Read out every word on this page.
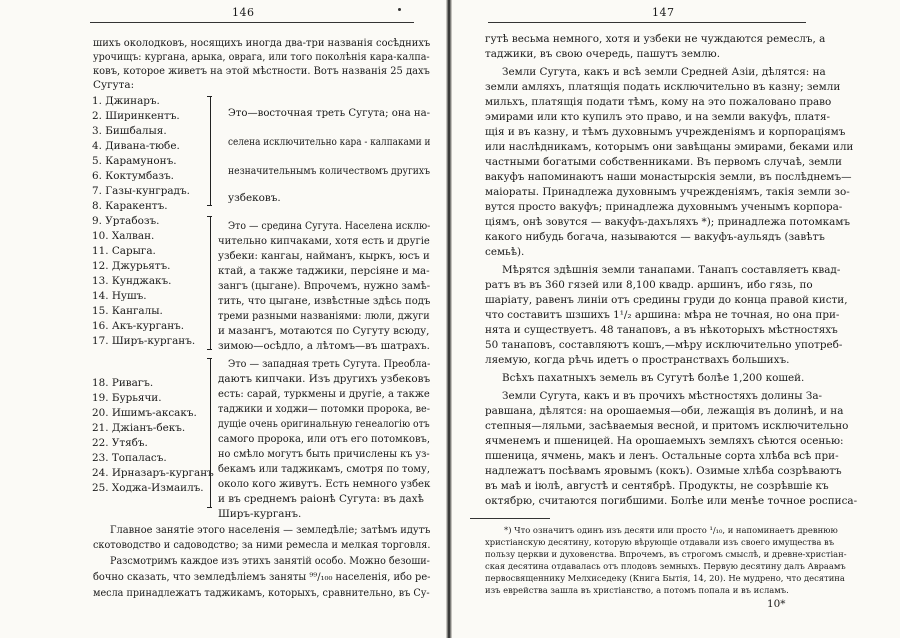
146
шихъ околодковъ, носящихъ иногда два-три названія сосѣднихъ
урочищъ: кургана, арыка, оврага, или того поколѣнія кара-калпа-
ковъ, которое живетъ на этой мѣстности. Вотъ названія 25 дахъ
Сугута:
1. Джинаръ.
2. Ширинкентъ.
3. Бишбалыя.
4. Дивана-тюбе.
5. Карамунонъ.
6. Коктумбазъ.
7. Газы-кунградъ.
8. Каракентъ.
9. Уртабозъ.
10. Халван.
11. Сарыга.
12. Джурьятъ.
13. Кунджакъ.
14. Нушъ.
15. Кангалы.
16. Акъ-курганъ.
17. Ширъ-курганъ.
18. Ривагъ.
19. Бурьячи.
20. Ишимъ-аксакъ.
21. Джіанъ-бекъ.
22. Утябъ.
23. Топаласъ.
24. Ирназаръ-курганъ
25. Ходжа-Измаилъ.
Это—восточная треть Сугута; она на-
селена исключительно кара - калпаками и
незначительнымъ количествомъ другихъ
узбековъ.
Это — средина Сугута. Населена исклю-
чительно кипчаками, хотя есть и другіе
узбеки: кангаы, найманъ, кыркъ, юсъ и
ктай, а также таджики, персіяне и ма-
зангъ (цыгане). Впрочемъ, нужно замѣ-
тить, что цыгане, извѣстные здѣсь подъ
треми разными названіями: люли, джуги
и мазангъ, мотаются по Сугуту всюду,
зимою—осѣдло, а лѣтомъ—въ шатрахъ.
Это — западная треть Сугута. Преобла-
даютъ кипчаки. Изъ другихъ узбековъ
есть: сарай, туркмены и другіе, а также
таджики и ходжи— потомки пророка, ве-
дущіе очень оригинальную генеалогію отъ
самого пророка, или отъ его потомковъ,
но смѣло могутъ быть причислены къ уз-
бекамъ или таджикамъ, смотря по тому,
около кого живутъ. Есть немного узбек
и въ среднемъ раіонѣ Сугута: въ дахѣ
Ширъ-курганъ.
Главное занятіе этого населенія — земледѣліе; затѣмъ идутъ
скотоводство и садоводство; за ними ремесла и мелкая торговля.
Разсмотримъ каждое изъ этихъ занятій особо. Можно безоши-
бочно сказать, что земледѣліемъ заняты ⁹⁹/₁₀₀ населенія, ибо ре-
месла принадлежатъ таджикамъ, которыхъ, сравнительно, въ Су-
147
гутѣ весьма немного, хотя и узбеки не чуждаются ремеслъ, а
таджики, въ свою очередь, пашутъ землю.
Земли Сугута, какъ и всѣ земли Средней Азіи, дѣлятся: на
земли амляхъ, платящія подать исключительно въ казну; земли
мильхъ, платящія подати тѣмъ, кому на это пожаловано право
эмирами или кто купилъ это право, и на земли вакуфъ, платя-
щія и въ казну, и тѣмъ духовнымъ учрежденіямъ и корпораціямъ
или наслѣдникамъ, которымъ они завѣщаны эмирами, беками или
частными богатыми собственниками. Въ первомъ случаѣ, земли
вакуфъ напоминаютъ наши монастырскія земли, въ послѣднемъ—
маіораты. Принадлежа духовнымъ учрежденіямъ, такія земли зо-
вутся просто вакуфъ; принадлежа духовнымъ ученымъ корпора-
ціямъ, онѣ зовутся — вакуфъ-дахъляхъ *); принадлежа потомкамъ
какого нибудь богача, называются — вакуфъ-аульядъ (завѣтъ
семьѣ).
Мѣрятся здѣшнія земли танапами. Танапъ составляетъ квад-
ратъ въ въ 360 гязей или 8,100 квадр. аршинъ, ибо гязь, по
шаріату, равенъ линіи отъ средины груди до конца правой кисти,
что составитъ шзшихъ 1¹/₂ аршина: мѣра не точная, но она при-
нята и существуетъ. 48 танаповъ, а въ нѣкоторыхъ мѣстностяхъ
50 танаповъ, составляютъ кошъ,—мѣру исключительно употреб-
ляемую, когда рѣчь идетъ о пространствахъ большихъ.
Всѣхъ пахатныхъ земель въ Сугутѣ болѣе 1,200 кошей.
Земли Сугута, какъ и въ прочихъ мѣстностяхъ долины За-
равшана, дѣлятся: на орошаемыя—оби, лежащія въ долинѣ, и на
степныя—ляльми, засѣваемыя весной, и притомъ исключительно
ячменемъ и пшеницей. На орошаемыхъ земляхъ сѣются осенью:
пшеница, ячмень, макъ и ленъ. Остальные сорта хлѣба всѣ при-
надлежатъ посѣвамъ яровымъ (кокъ). Озимые хлѣба созрѣваютъ
въ маѣ и іюлѣ, августѣ и сентябрѣ. Продукты, не созрѣвшіе къ
октябрю, считаются погибшими. Болѣе или менѣе точное росписа-
*) Что означитъ одинъ изъ десяти или просто ¹/₁₀, и напоминаетъ древнюю
христіанскую десятину, которую вѣрующіе отдавали изъ своего имущества въ
пользу церкви и духовенства. Впрочемъ, въ строгомъ смыслѣ, и древне-христіан-
ская десятина отдавалась отъ плодовъ земныхъ. Первую десятину далъ Авраамъ
первосвященнику Мелхиседеку (Книга Бытія, 14, 20). Не мудрено, что десятина
изъ еврейства зашла въ христіанство, а потомъ попала и въ исламъ.
10*
